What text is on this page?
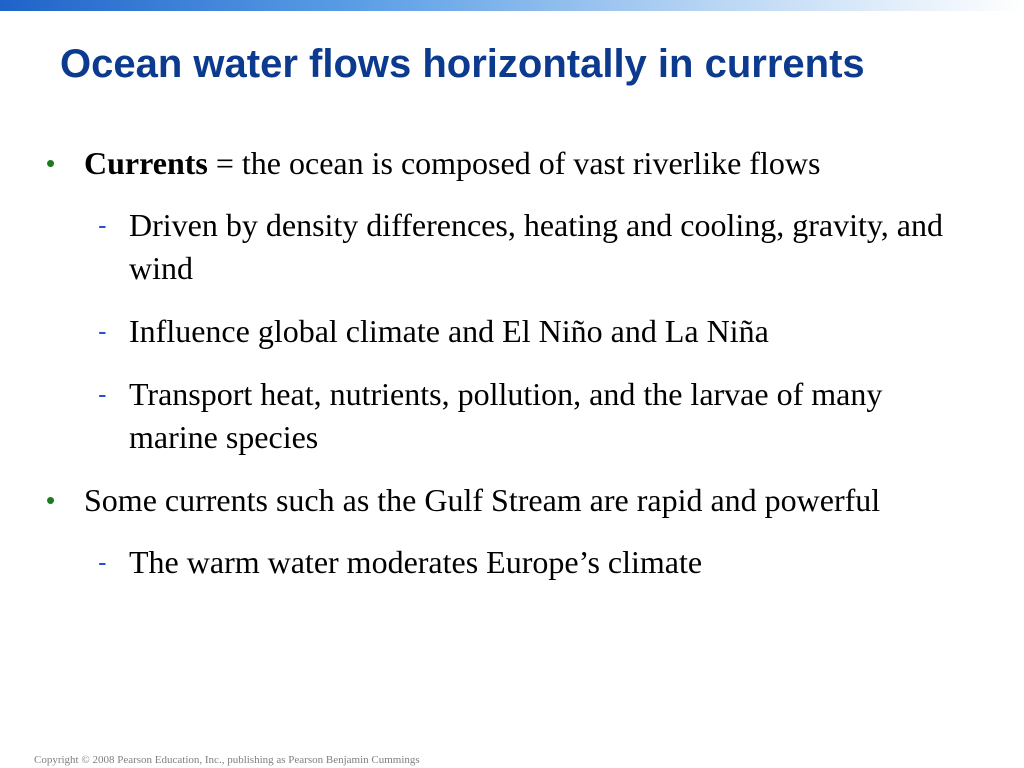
Ocean water flows horizontally in currents
• Currents = the ocean is composed of vast riverlike flows
- Driven by density differences, heating and cooling, gravity, and wind
- Influence global climate and El Niño and La Niña
- Transport heat, nutrients, pollution, and the larvae of many marine species
• Some currents such as the Gulf Stream are rapid and powerful
- The warm water moderates Europe’s climate
Copyright © 2008 Pearson Education, Inc., publishing as Pearson Benjamin Cummings
